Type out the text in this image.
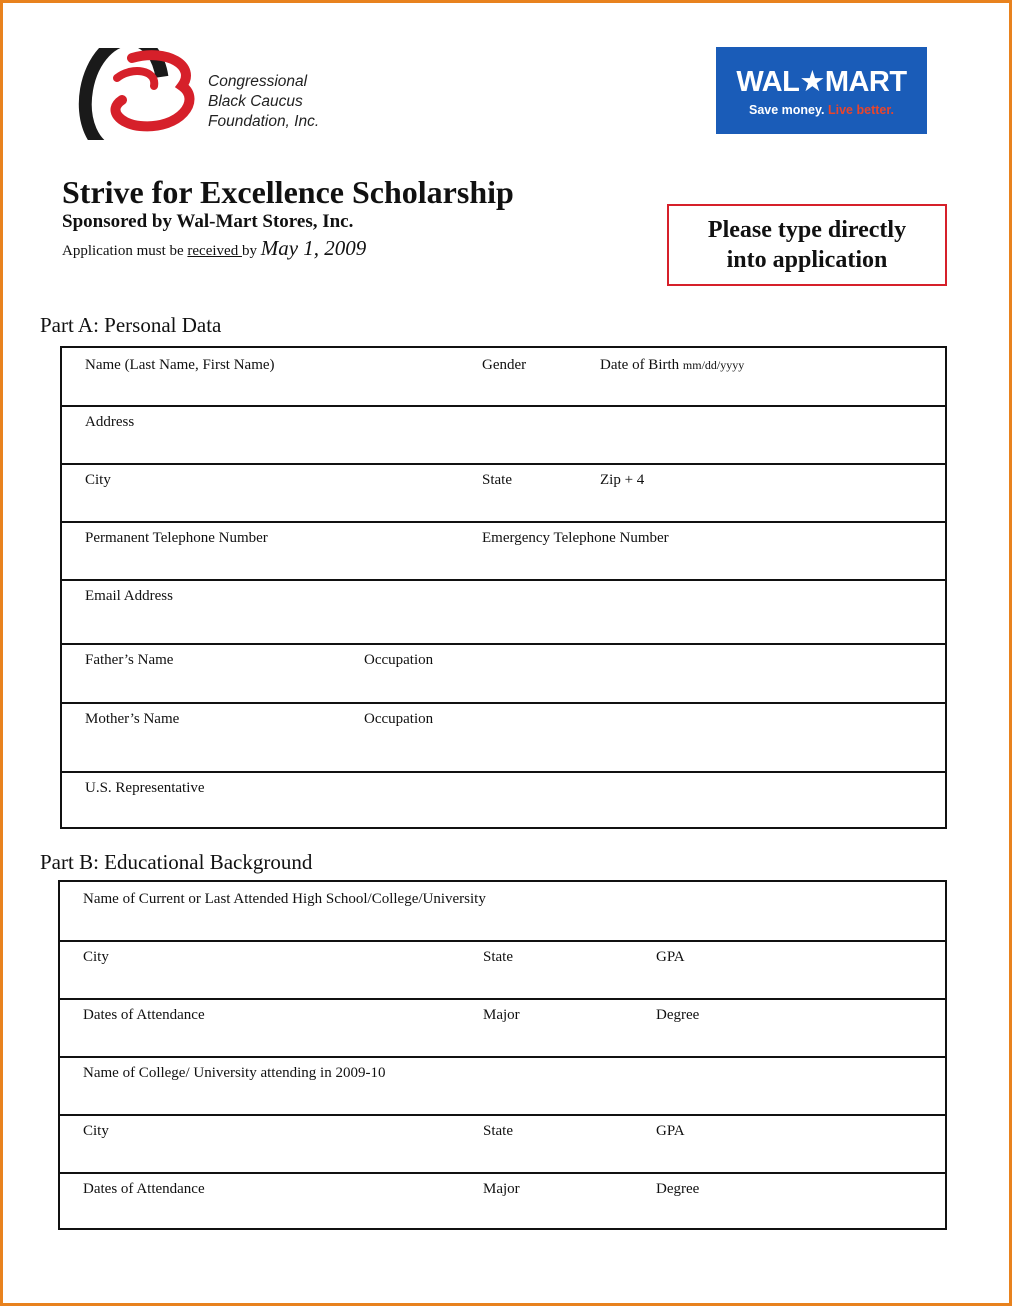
Congressional
Black Caucus
Foundation, Inc.
WAL★MART
Save money. Live better.
Strive for Excellence Scholarship
Sponsored by Wal-Mart Stores, Inc.
Application must be received by May 1, 2009
Please type directly
into application
Part A: Personal Data
Name (Last Name, First Name)	Gender	Date of Birth mm/dd/yyyy
Address
City	State	Zip + 4
Permanent Telephone Number	Emergency Telephone Number
Email Address
Father’s Name	Occupation
Mother’s Name	Occupation
U.S. Representative
Part B: Educational Background
Name of Current or Last Attended High School/College/University
City	State	GPA
Dates of Attendance	Major	Degree
Name of College/ University attending in 2009-10
City	State	GPA
Dates of Attendance	Major	Degree
